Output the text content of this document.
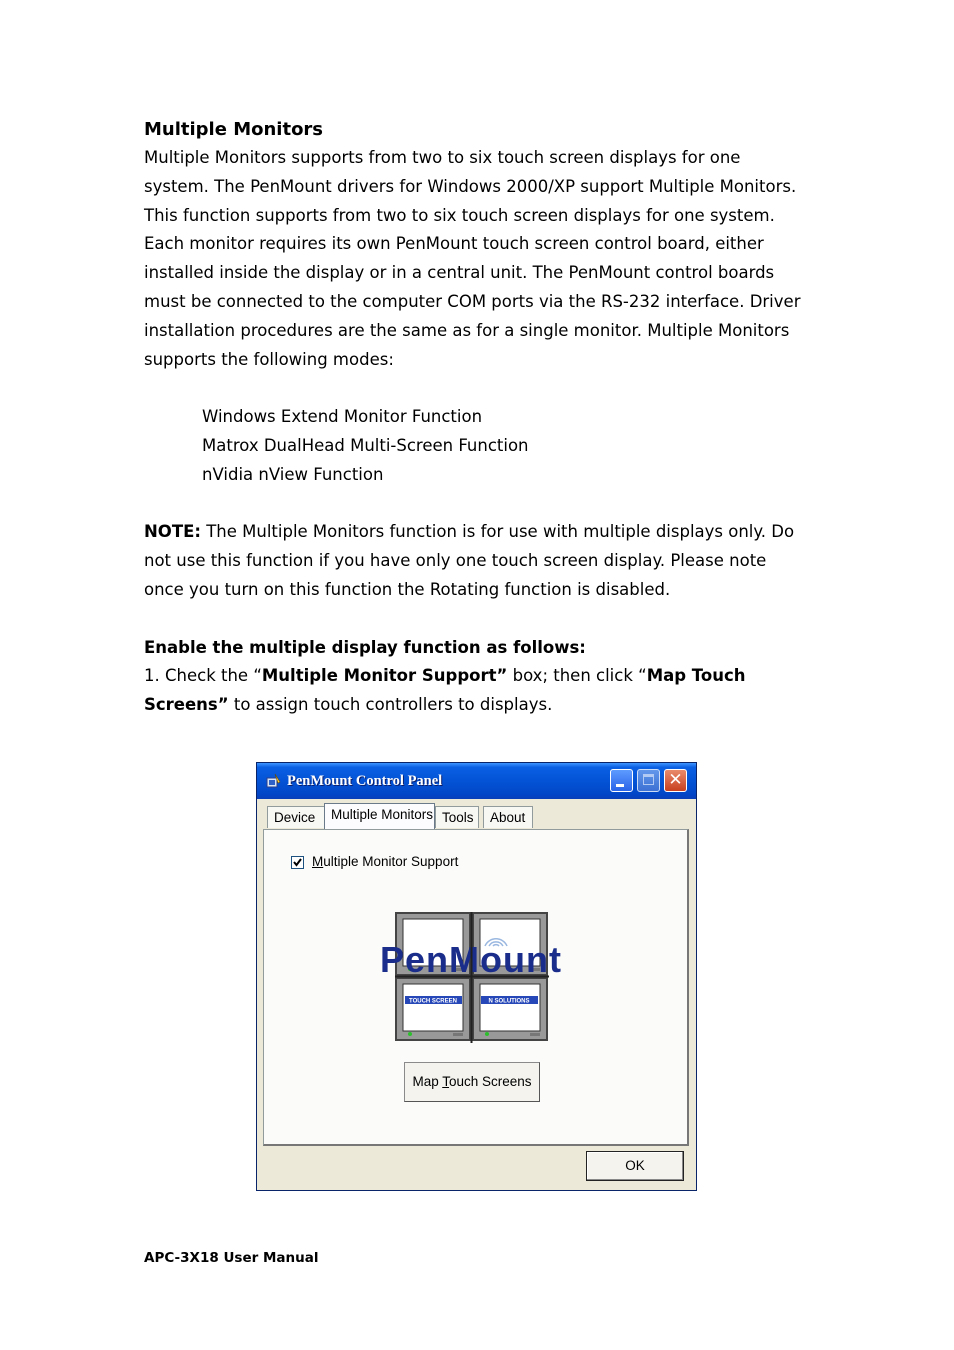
Multiple Monitors

Multiple Monitors supports from two to six touch screen displays for one system. The PenMount drivers for Windows 2000/XP support Multiple Monitors. This function supports from two to six touch screen displays for one system. Each monitor requires its own PenMount touch screen control board, either installed inside the display or in a central unit. The PenMount control boards must be connected to the computer COM ports via the RS-232 interface. Driver installation procedures are the same as for a single monitor. Multiple Monitors supports the following modes:

Windows Extend Monitor Function

Matrox DualHead Multi-Screen Function

nVidia nView Function

NOTE: The Multiple Monitors function is for use with multiple displays only. Do not use this function if you have only one touch screen display. Please note once you turn on this function the Rotating function is disabled.

Enable the multiple display function as follows:

1. Check the “Multiple Monitor Support” box; then click “Map Touch Screens” to assign touch controllers to displays.

PenMount Control Panel	✕
Device	Multiple Monitors Tools	About
Multiple Monitor Support
PenMount
TOUCH SCREEN	N SOLUTIONS
Map Touch Screens
OK
APC-3X18 User Manual
